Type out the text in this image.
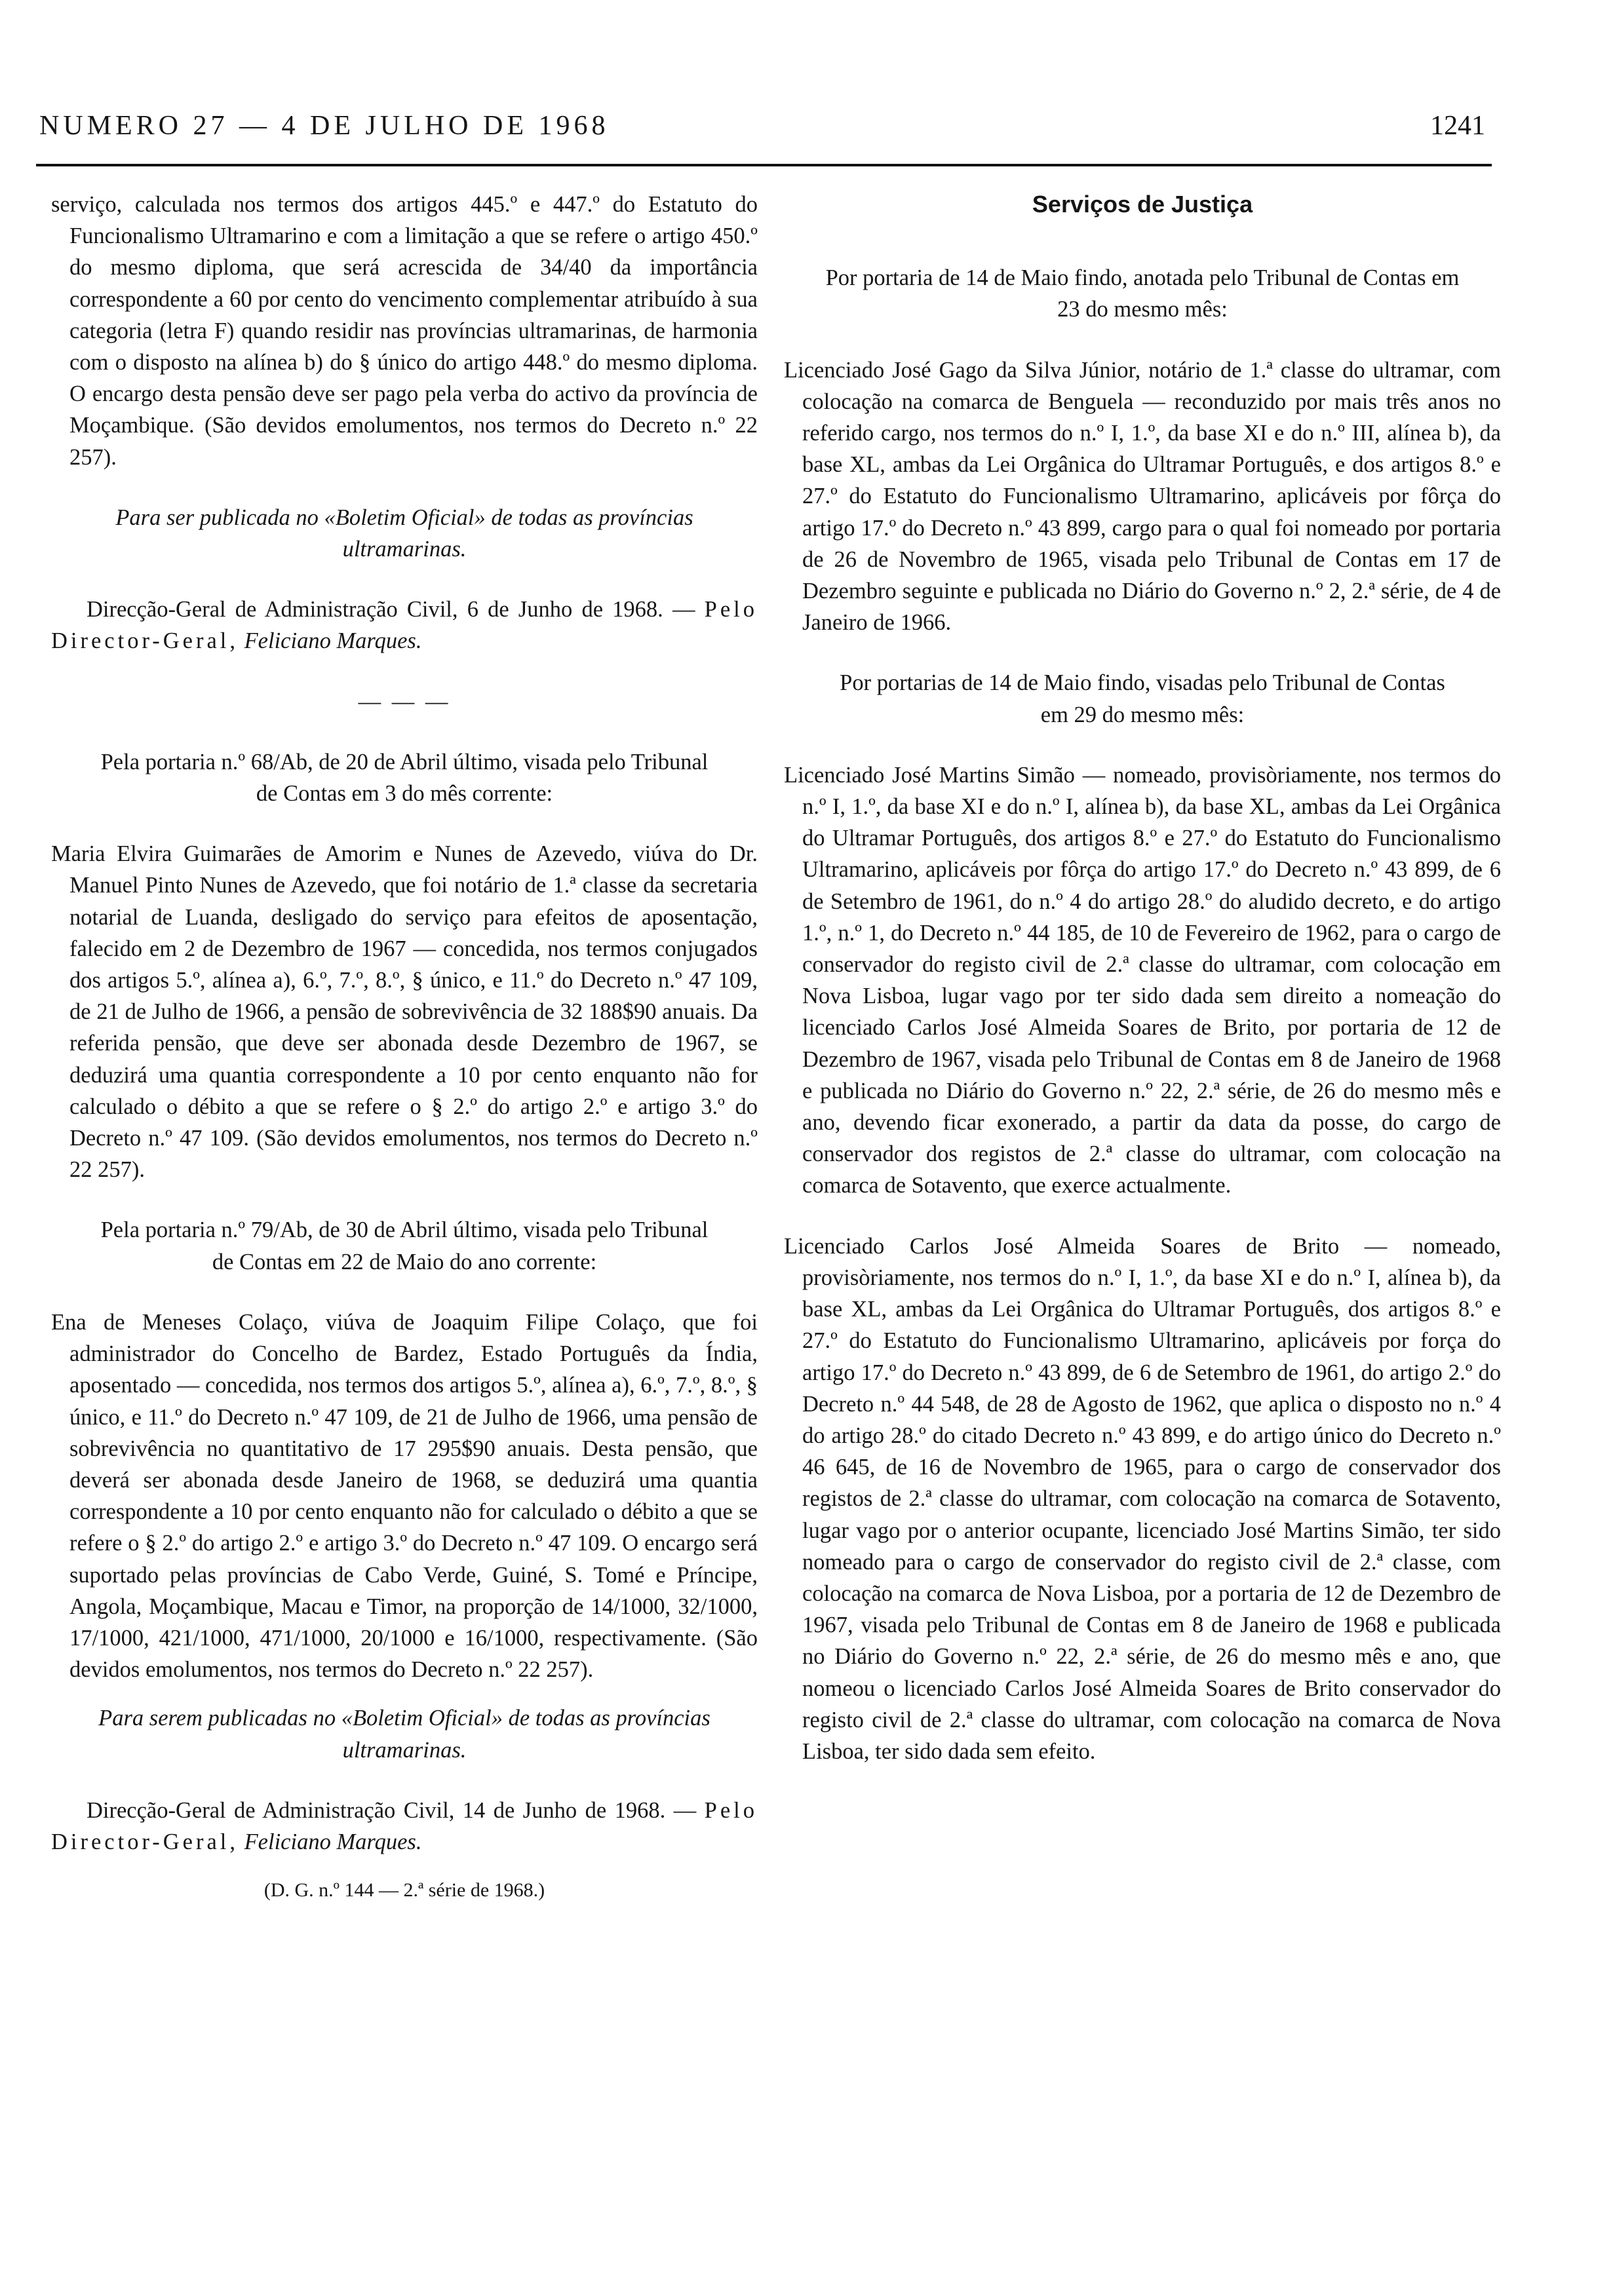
NUMERO 27 — 4 DE JULHO DE 1968	1241

serviço, calculada nos termos dos artigos 445.º e 447.º do Estatuto do Funcionalismo Ultramarino e com a limitação a que se refere o artigo 450.º do mesmo diploma, que será acrescida de 34/40 da importância correspondente a 60 por cento do vencimento complementar atribuído à sua categoria (letra F) quando residir nas províncias ultramarinas, de harmonia com o disposto na alínea b) do § único do artigo 448.º do mesmo diploma. O encargo desta pensão deve ser pago pela verba do activo da província de Moçambique. (São devidos emolumentos, nos termos do Decreto n.º 22 257).

Para ser publicada no «Boletim Oficial» de todas as províncias ultramarinas.

Direcção-Geral de Administração Civil, 6 de Junho de 1968. — Pelo Director-Geral, Feliciano Marques.

— — —

Pela portaria n.º 68/Ab, de 20 de Abril último, visada pelo Tribunal de Contas em 3 do mês corrente:

Maria Elvira Guimarães de Amorim e Nunes de Azevedo, viúva do Dr. Manuel Pinto Nunes de Azevedo, que foi notário de 1.ª classe da secretaria notarial de Luanda, desligado do serviço para efeitos de aposentação, falecido em 2 de Dezembro de 1967 — concedida, nos termos conjugados dos artigos 5.º, alínea a), 6.º, 7.º, 8.º, § único, e 11.º do Decreto n.º 47 109, de 21 de Julho de 1966, a pensão de sobrevivência de 32 188$90 anuais. Da referida pensão, que deve ser abonada desde Dezembro de 1967, se deduzirá uma quantia correspondente a 10 por cento enquanto não for calculado o débito a que se refere o § 2.º do artigo 2.º e artigo 3.º do Decreto n.º 47 109. (São devidos emolumentos, nos termos do Decreto n.º 22 257).

Pela portaria n.º 79/Ab, de 30 de Abril último, visada pelo Tribunal de Contas em 22 de Maio do ano corrente:

Ena de Meneses Colaço, viúva de Joaquim Filipe Colaço, que foi administrador do Concelho de Bardez, Estado Português da Índia, aposentado — concedida, nos termos dos artigos 5.º, alínea a), 6.º, 7.º, 8.º, § único, e 11.º do Decreto n.º 47 109, de 21 de Julho de 1966, uma pensão de sobrevivência no quantitativo de 17 295$90 anuais. Desta pensão, que deverá ser abonada desde Janeiro de 1968, se deduzirá uma quantia correspondente a 10 por cento enquanto não for calculado o débito a que se refere o § 2.º do artigo 2.º e artigo 3.º do Decreto n.º 47 109. O encargo será suportado pelas províncias de Cabo Verde, Guiné, S. Tomé e Príncipe, Angola, Moçambique, Macau e Timor, na proporção de 14/1000, 32/1000, 17/1000, 421/1000, 471/1000, 20/1000 e 16/1000, respectivamente. (São devidos emolumentos, nos termos do Decreto n.º 22 257).

Para serem publicadas no «Boletim Oficial» de todas as províncias ultramarinas.

Direcção-Geral de Administração Civil, 14 de Junho de 1968. — Pelo Director-Geral, Feliciano Marques.

(D. G. n.º 144 — 2.ª série de 1968.)

Serviços de Justiça

Por portaria de 14 de Maio findo, anotada pelo Tribunal de Contas em 23 do mesmo mês:

Licenciado José Gago da Silva Júnior, notário de 1.ª classe do ultramar, com colocação na comarca de Benguela — reconduzido por mais três anos no referido cargo, nos termos do n.º I, 1.º, da base XI e do n.º III, alínea b), da base XL, ambas da Lei Orgânica do Ultramar Português, e dos artigos 8.º e 27.º do Estatuto do Funcionalismo Ultramarino, aplicáveis por fôrça do artigo 17.º do Decreto n.º 43 899, cargo para o qual foi nomeado por portaria de 26 de Novembro de 1965, visada pelo Tribunal de Contas em 17 de Dezembro seguinte e publicada no Diário do Governo n.º 2, 2.ª série, de 4 de Janeiro de 1966.

Por portarias de 14 de Maio findo, visadas pelo Tribunal de Contas em 29 do mesmo mês:

Licenciado José Martins Simão — nomeado, provisòriamente, nos termos do n.º I, 1.º, da base XI e do n.º I, alínea b), da base XL, ambas da Lei Orgânica do Ultramar Português, dos artigos 8.º e 27.º do Estatuto do Funcionalismo Ultramarino, aplicáveis por fôrça do artigo 17.º do Decreto n.º 43 899, de 6 de Setembro de 1961, do n.º 4 do artigo 28.º do aludido decreto, e do artigo 1.º, n.º 1, do Decreto n.º 44 185, de 10 de Fevereiro de 1962, para o cargo de conservador do registo civil de 2.ª classe do ultramar, com colocação em Nova Lisboa, lugar vago por ter sido dada sem direito a nomeação do licenciado Carlos José Almeida Soares de Brito, por portaria de 12 de Dezembro de 1967, visada pelo Tribunal de Contas em 8 de Janeiro de 1968 e publicada no Diário do Governo n.º 22, 2.ª série, de 26 do mesmo mês e ano, devendo ficar exonerado, a partir da data da posse, do cargo de conservador dos registos de 2.ª classe do ultramar, com colocação na comarca de Sotavento, que exerce actualmente.

Licenciado Carlos José Almeida Soares de Brito — nomeado, provisòriamente, nos termos do n.º I, 1.º, da base XI e do n.º I, alínea b), da base XL, ambas da Lei Orgânica do Ultramar Português, dos artigos 8.º e 27.º do Estatuto do Funcionalismo Ultramarino, aplicáveis por força do artigo 17.º do Decreto n.º 43 899, de 6 de Setembro de 1961, do artigo 2.º do Decreto n.º 44 548, de 28 de Agosto de 1962, que aplica o disposto no n.º 4 do artigo 28.º do citado Decreto n.º 43 899, e do artigo único do Decreto n.º 46 645, de 16 de Novembro de 1965, para o cargo de conservador dos registos de 2.ª classe do ultramar, com colocação na comarca de Sotavento, lugar vago por o anterior ocupante, licenciado José Martins Simão, ter sido nomeado para o cargo de conservador do registo civil de 2.ª classe, com colocação na comarca de Nova Lisboa, por a portaria de 12 de Dezembro de 1967, visada pelo Tribunal de Contas em 8 de Janeiro de 1968 e publicada no Diário do Governo n.º 22, 2.ª série, de 26 do mesmo mês e ano, que nomeou o licenciado Carlos José Almeida Soares de Brito conservador do registo civil de 2.ª classe do ultramar, com colocação na comarca de Nova Lisboa, ter sido dada sem efeito.
